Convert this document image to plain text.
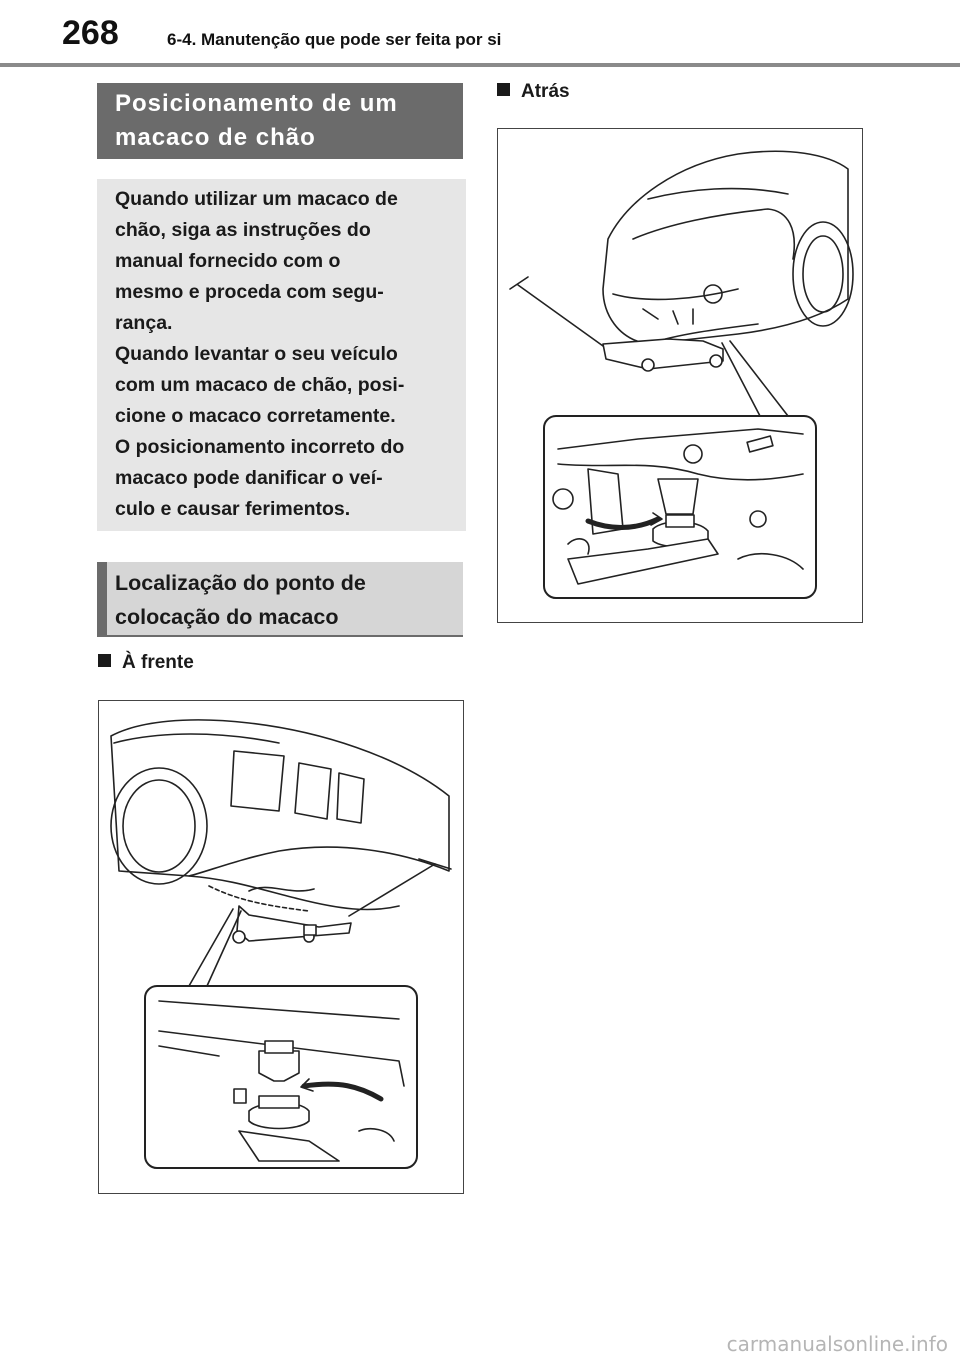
268	6-4. Manutenção que pode ser feita por si
Posicionamento de um macaco de chão
Quando utilizar um macaco de
chão, siga as instruções do
manual fornecido com o
mesmo e proceda com segu-
rança.
Quando levantar o seu veículo
com um macaco de chão, posi-
cione o macaco corretamente.
O posicionamento incorreto do
macaco pode danificar o veí-
culo e causar ferimentos.
Localização do ponto de colocação do macaco
À frente
Atrás
carmanualsonline.info
